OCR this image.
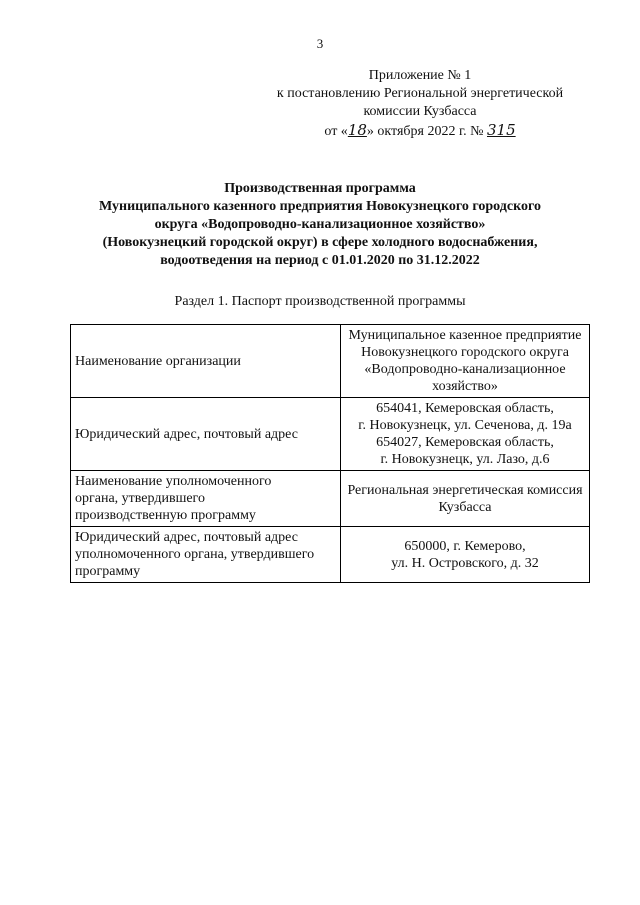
3
Приложение № 1
к постановлению Региональной энергетической
комиссии Кузбасса
от «18» октября 2022 г. № 315
Производственная программа
Муниципального казенного предприятия Новокузнецкого городского
округа «Водопроводно-канализационное хозяйство»
(Новокузнецкий городской округ) в сфере холодного водоснабжения,
водоотведения на период с 01.01.2020 по 31.12.2022
Раздел 1. Паспорт производственной программы
Наименование организации	Муниципальное казенное предприятие
Новокузнецкого городского округа
«Водопроводно-канализационное
хозяйство»

Юридический адрес, почтовый адрес	654041, Кемеровская область,
г. Новокузнецк, ул. Сеченова, д. 19а
654027, Кемеровская область,
г. Новокузнецк, ул. Лазо, д.6

Наименование уполномоченного
органа, утвердившего
производственную программу	Региональная энергетическая комиссия
Кузбасса

Юридический адрес, почтовый адрес
уполномоченного органа, утвердившего
программу	650000, г. Кемерово,
ул. Н. Островского, д. 32
